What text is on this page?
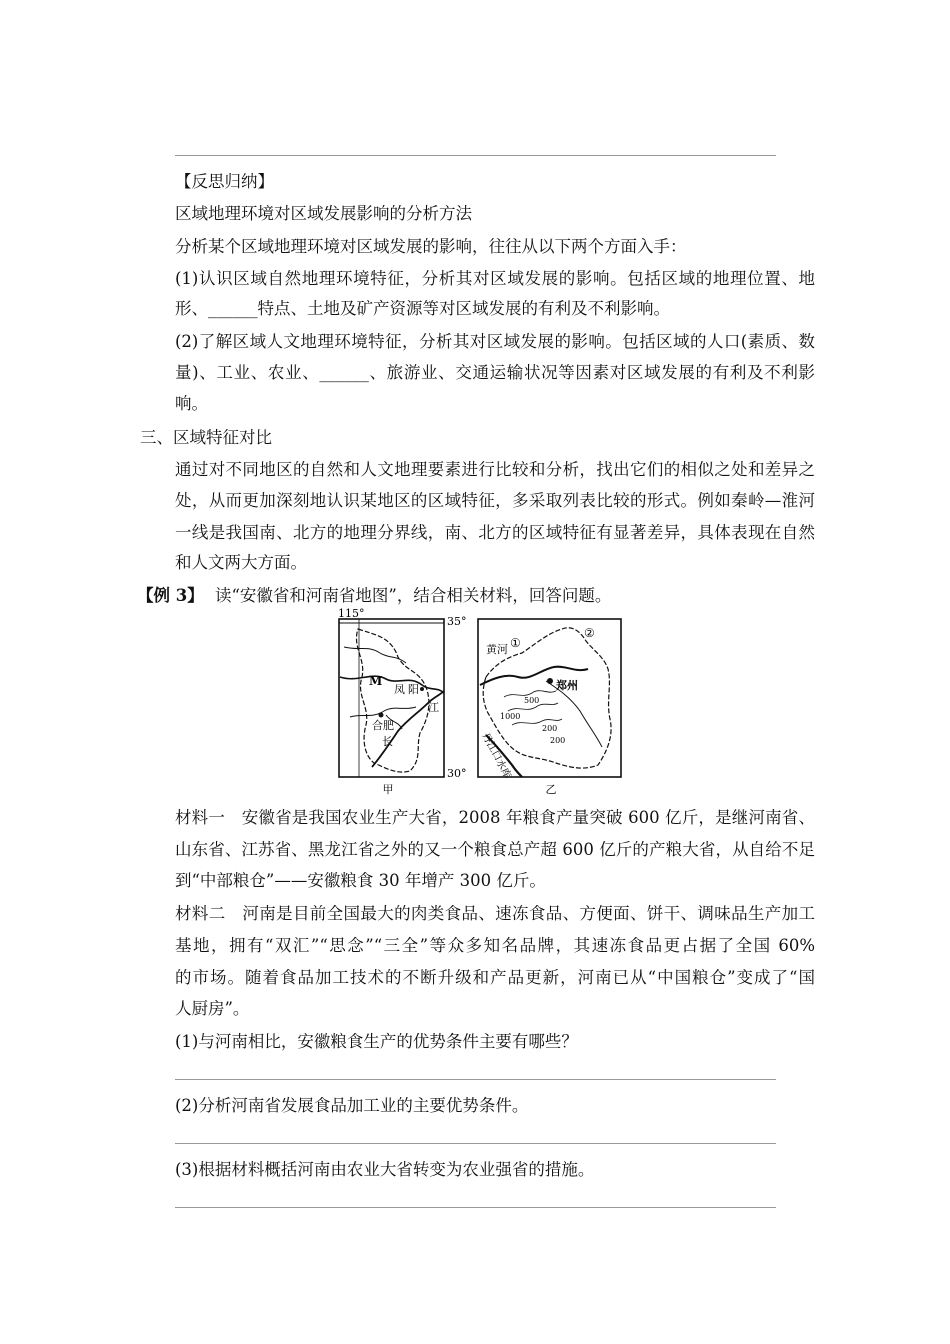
【反思归纳】
区域地理环境对区域发展影响的分析方法
分析某个区域地理环境对区域发展的影响，往往从以下两个方面入手：
(1)认识区域自然地理环境特征，分析其对区域发展的影响。包括区域的地理位置、地
形、______特点、土地及矿产资源等对区域发展的有利及不利影响。
(2)了解区域人文地理环境特征，分析其对区域发展的影响。包括区域的人口(素质、数
量)、工业、农业、______、旅游业、交通运输状况等因素对区域发展的有利及不利影
响。
三、区域特征对比
通过对不同地区的自然和人文地理要素进行比较和分析，找出它们的相似之处和差异之
处，从而更加深刻地认识某地区的区域特征，多采取列表比较的形式。例如秦岭—淮河
一线是我国南、北方的地理分界线，南、北方的区域特征有显著差异，具体表现在自然
和人文两大方面。
【例 3】 读“安徽省和河南省地图”，结合相关材料，回答问题。
115°
35°
30°
M
凤 阳
江
合肥
长
甲
黄河 ①
②
郑州
1000
500
200
200
丹江口水库
乙
材料一　安徽省是我国农业生产大省，2008 年粮食产量突破 600 亿斤，是继河南省、
山东省、江苏省、黑龙江省之外的又一个粮食总产超 600 亿斤的产粮大省，从自给不足
到“中部粮仓”——安徽粮食 30 年增产 300 亿斤。
材料二　河南是目前全国最大的肉类食品、速冻食品、方便面、饼干、调味品生产加工
基地，拥有“双汇”“思念”“三全”等众多知名品牌，其速冻食品更占据了全国 60%
的市场。随着食品加工技术的不断升级和产品更新，河南已从“中国粮仓”变成了“国
人厨房”。
(1)与河南相比，安徽粮食生产的优势条件主要有哪些？
(2)分析河南省发展食品加工业的主要优势条件。
(3)根据材料概括河南由农业大省转变为农业强省的措施。
